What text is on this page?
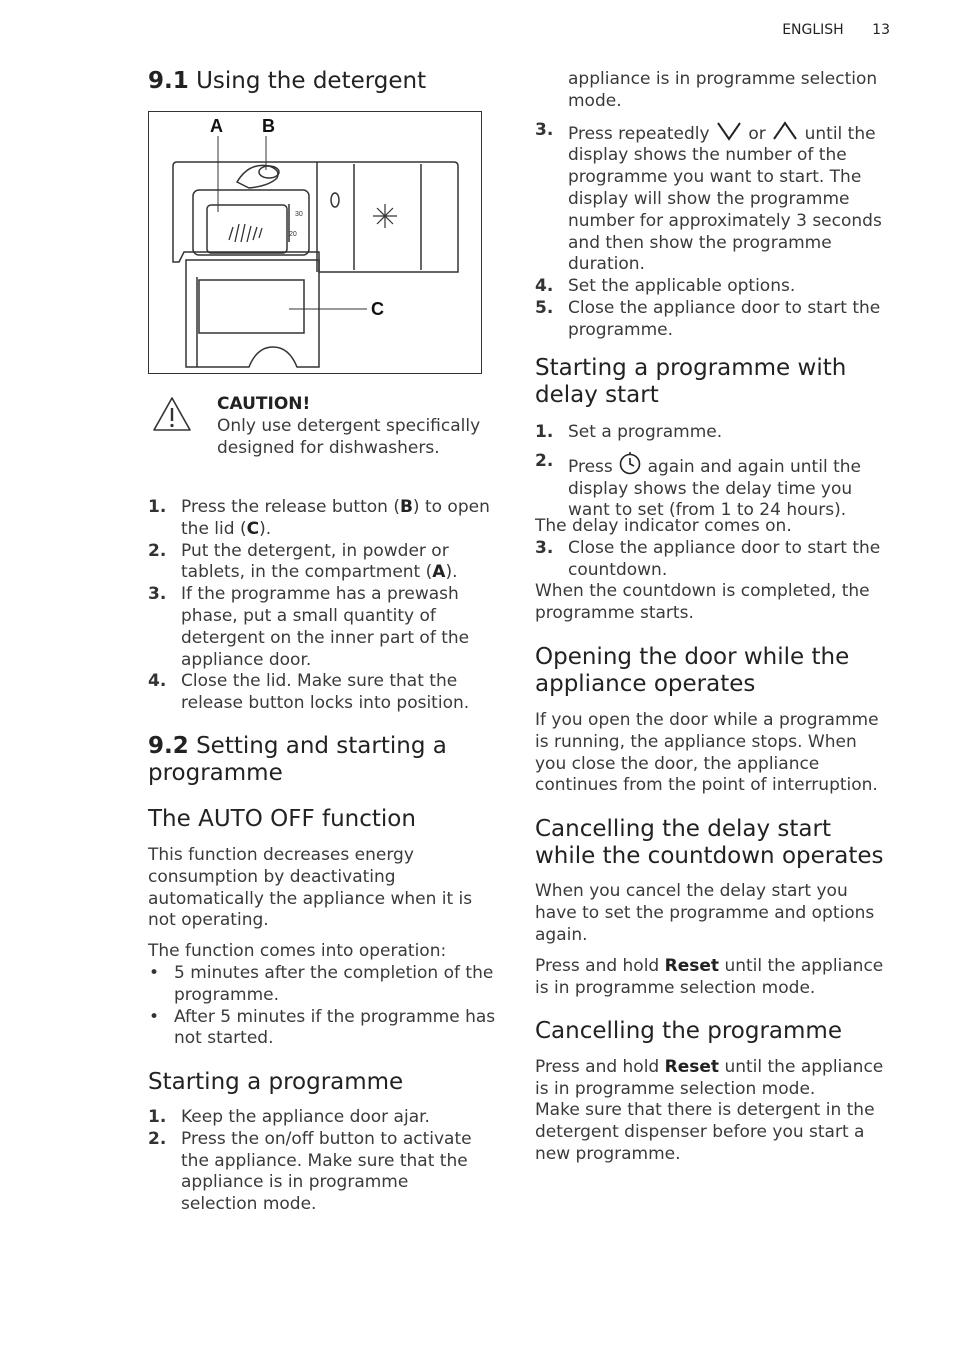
ENGLISH 13
9.1 Using the detergent
A B
C
30
20
CAUTION!
Only use detergent specifically designed for dishwashers.
1. Press the release button (B) to open the lid (C).
2. Put the detergent, in powder or tablets, in the compartment (A).
3. If the programme has a prewash phase, put a small quantity of detergent on the inner part of the appliance door.
4. Close the lid. Make sure that the release button locks into position.
9.2 Setting and starting a programme
The AUTO OFF function

This function decreases energy consumption by deactivating automatically the appliance when it is not operating.

The function comes into operation:

• 5 minutes after the completion of the programme.
• After 5 minutes if the programme has not started.
Starting a programme
1. Keep the appliance door ajar.
2. Press the on/off button to activate the appliance. Make sure that the appliance is in programme selection mode.
appliance is in programme selection mode.
3. Press repeatedly or until the display shows the number of the programme you want to start. The display will show the programme number for approximately 3 seconds and then show the programme duration.
4. Set the applicable options.
5. Close the appliance door to start the programme.
Starting a programme with delay start
1. Set a programme.
2. Press again and again until the display shows the delay time you want to set (from 1 to 24 hours).

The delay indicator comes on.

3. Close the appliance door to start the countdown.

When the countdown is completed, the programme starts.

Opening the door while the appliance operates

If you open the door while a programme is running, the appliance stops. When you close the door, the appliance continues from the point of interruption.

Cancelling the delay start while the countdown operates

When you cancel the delay start you have to set the programme and options again.

Press and hold Reset until the appliance is in programme selection mode.

Cancelling the programme

Press and hold Reset until the appliance is in programme selection mode.

Make sure that there is detergent in the detergent dispenser before you start a new programme.
